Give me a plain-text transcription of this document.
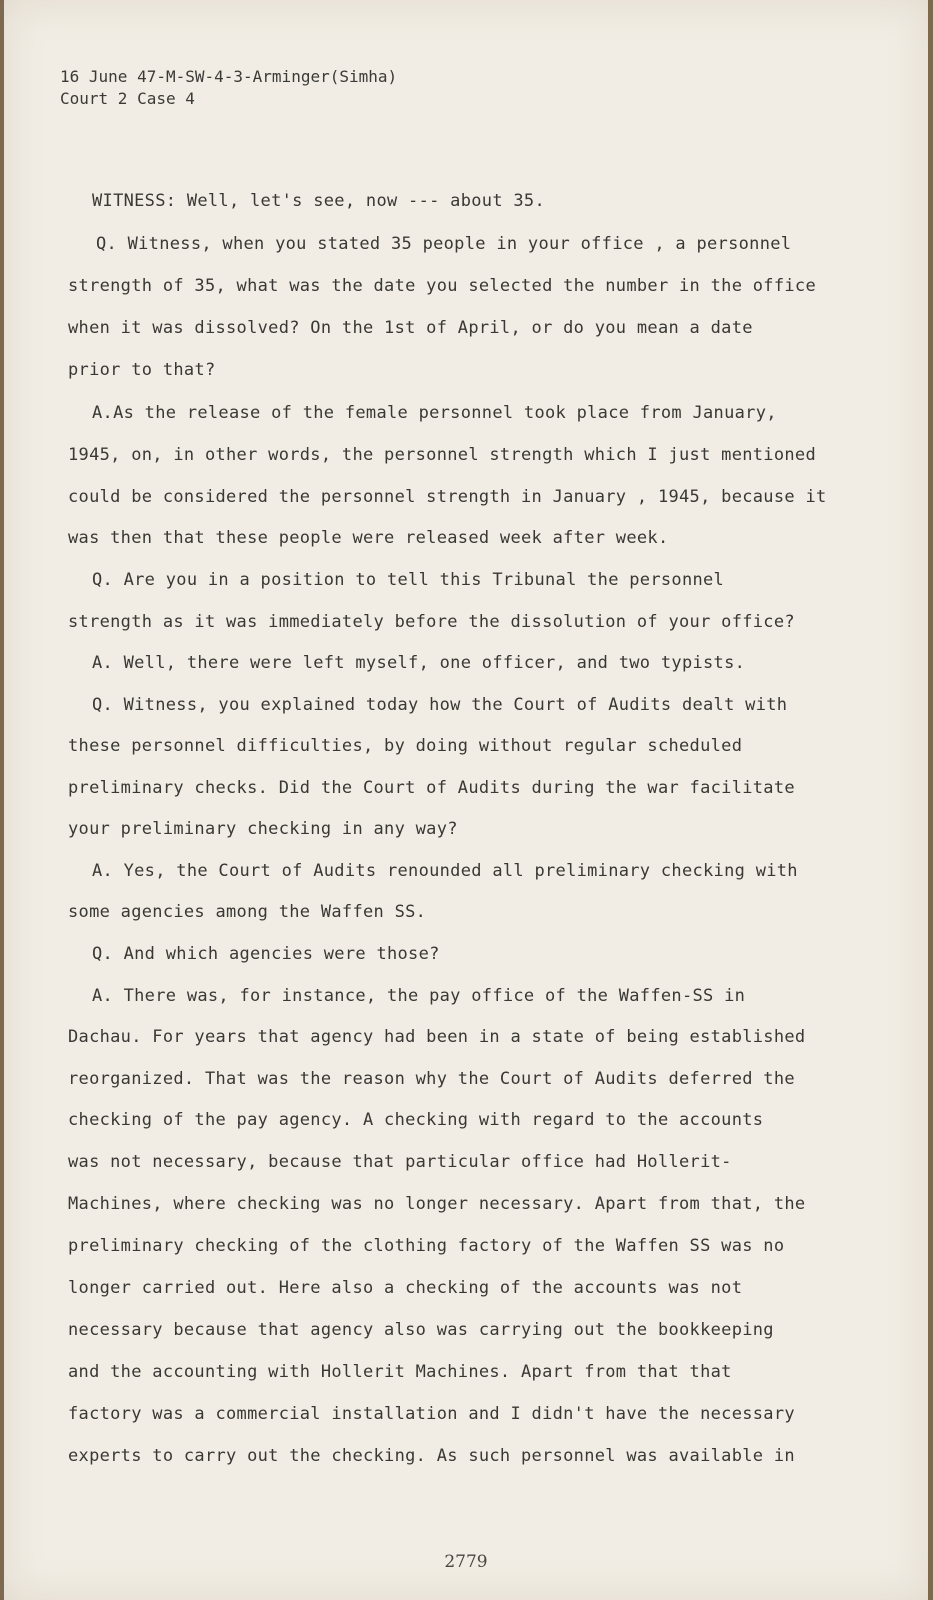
16 June 47-M-SW-4-3-Arminger(Simha)
Court 2 Case 4
WITNESS: Well, let's see, now --- about 35.
Q. Witness, when you stated 35 people in your office , a personnel
strength of 35, what was the date you selected the number in the office
when it was dissolved? On the 1st of April, or do you mean a date
prior to that?
A.As the release of the female personnel took place from January,
1945, on, in other words, the personnel strength which I just mentioned
could be considered the personnel strength in January , 1945, because it
was then that these people were released week after week.
Q. Are you in a position to tell this Tribunal the personnel
strength as it was immediately before the dissolution of your office?
A. Well, there were left myself, one officer, and two typists.
Q. Witness, you explained today how the Court of Audits dealt with
these personnel difficulties, by doing without regular scheduled
preliminary checks. Did the Court of Audits during the war facilitate
your preliminary checking in any way?
A. Yes, the Court of Audits renounded all preliminary checking with
some agencies among the Waffen SS.
Q. And which agencies were those?
A. There was, for instance, the pay office of the Waffen-SS in
Dachau. For years that agency had been in a state of being established
reorganized. That was the reason why the Court of Audits deferred the
checking of the pay agency. A checking with regard to the accounts
was not necessary, because that particular office had Hollerit-
Machines, where checking was no longer necessary. Apart from that, the
preliminary checking of the clothing factory of the Waffen SS was no
longer carried out. Here also a checking of the accounts was not
necessary because that agency also was carrying out the bookkeeping
and the accounting with Hollerit Machines. Apart from that that
factory was a commercial installation and I didn't have the necessary
experts to carry out the checking. As such personnel was available in
2779
